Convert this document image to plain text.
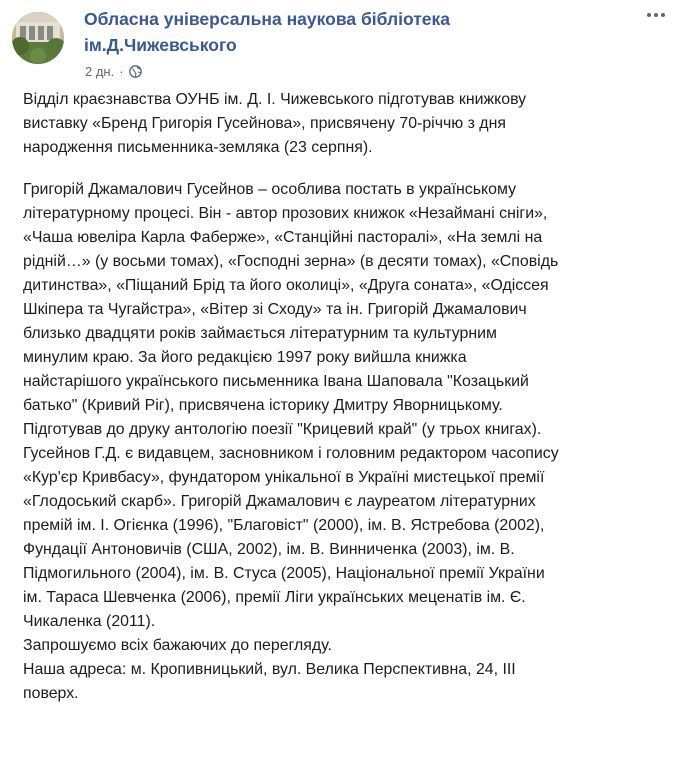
Обласна універсальна наукова бібліотека
ім.Д.Чижевського
2 дн. ·

Відділ краєзнавства ОУНБ ім. Д. І. Чижевського підготував книжкову
виставку «Бренд Григорія Гусейнова», присвячену 70-річчю з дня
народження письменника-земляка (23 серпня).

Григорій Джамалович Гусейнов – особлива постать в українському
літературному процесі. Він - автор прозових книжок «Незаймані сніги»,
«Чаша ювеліра Карла Фаберже», «Станційні пасторалі», «На землі на
рідній…» (у восьми томах), «Господні зерна» (в десяти томах), «Сповідь
дитинства», «Піщаний Брід та його околиці», «Друга соната», «Одіссея
Шкіпера та Чугайстра», «Вітер зі Сходу» та ін. Григорій Джамалович
близько двадцяти років займається літературним та культурним
минулим краю. За його редакцією 1997 року вийшла книжка
найстарішого українського письменника Івана Шаповала "Козацький
батько" (Кривий Ріг), присвячена історику Дмитру Яворницькому.
Підготував до друку антологію поезії "Крицевий край" (у трьох книгах).
Гусейнов Г.Д. є видавцем, засновником і головним редактором часопису
«Кур'єр Кривбасу», фундатором унікальної в Україні мистецької премії
«Глодоський скарб». Григорій Джамалович є лауреатом літературних
премій ім. І. Огієнка (1996), "Благовіст" (2000), ім. В. Ястребова (2002),
Фундації Антоновичів (США, 2002), ім. В. Винниченка (2003), ім. В.
Підмогильного (2004), ім. В. Стуса (2005), Національної премії України
ім. Тараса Шевченка (2006), премії Ліги українських меценатів ім. Є.
Чикаленка (2011).
Запрошуємо всіх бажаючих до перегляду.
Наша адреса: м. Кропивницький, вул. Велика Перспективна, 24, ІІІ
поверх.
